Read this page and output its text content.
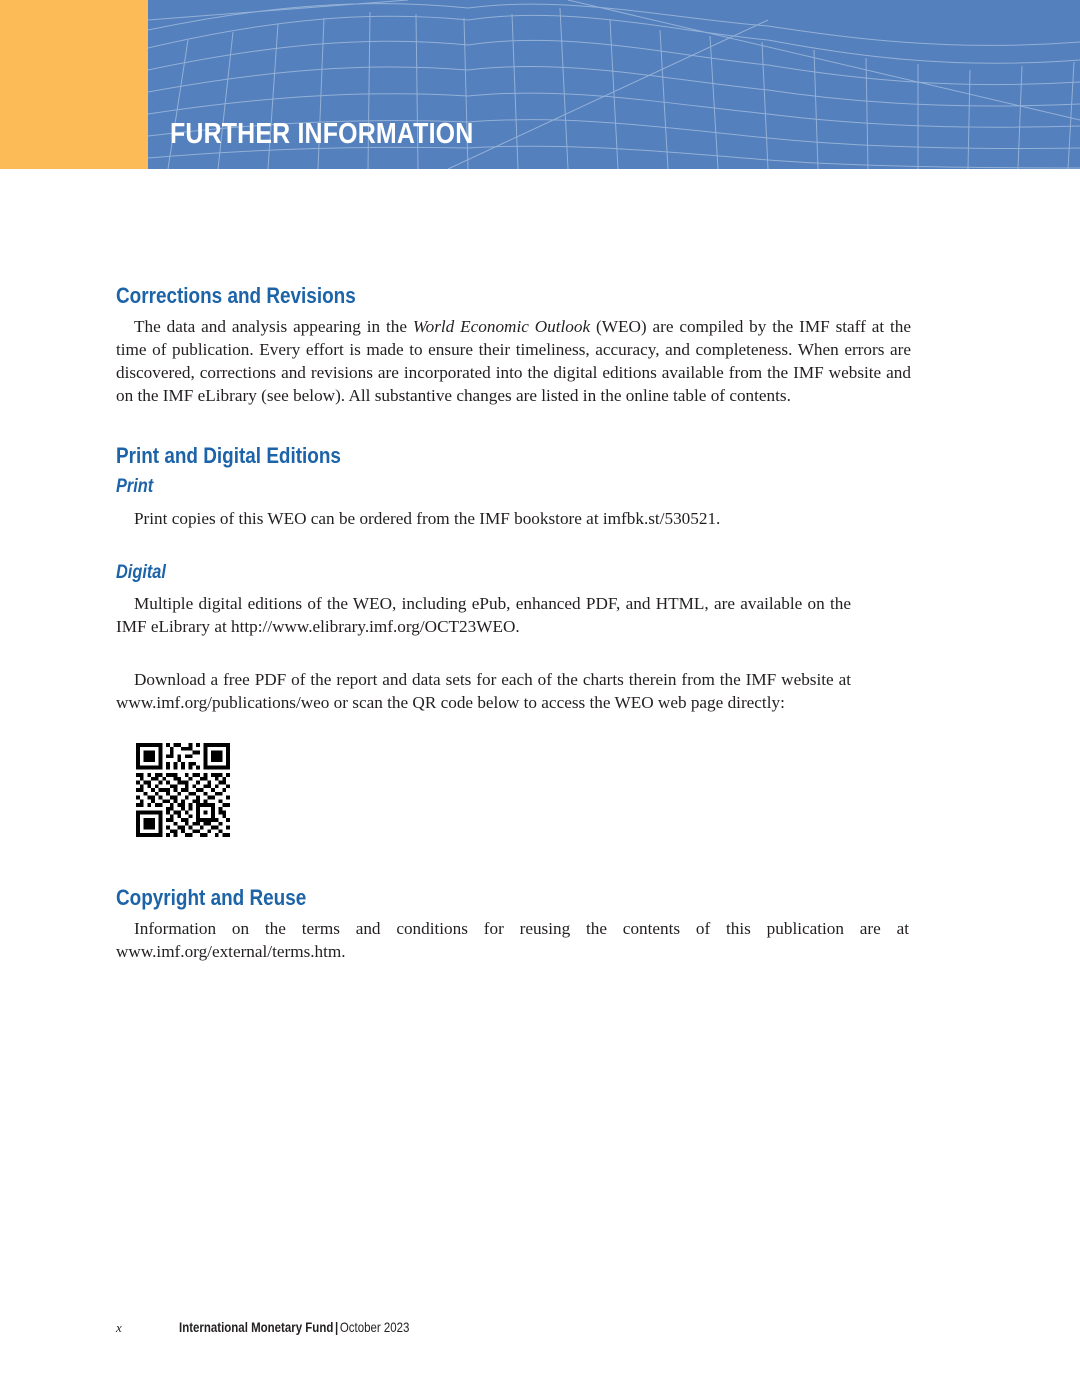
FURTHER INFORMATION
Corrections and Revisions

The data and analysis appearing in the World Economic Outlook (WEO) are compiled by the IMF staff at the time of publication. Every effort is made to ensure their timeliness, accuracy, and completeness. When errors are discovered, corrections and revisions are incorporated into the digital editions available from the IMF website and on the IMF eLibrary (see below). All substantive changes are listed in the online table of contents.

Print and Digital Editions
Print

Print copies of this WEO can be ordered from the IMF bookstore at imfbk.st/530521.

Digital

Multiple digital editions of the WEO, including ePub, enhanced PDF, and HTML, are available on the IMF eLibrary at http://www.elibrary.imf.org/OCT23WEO.

Download a free PDF of the report and data sets for each of the charts therein from the IMF website at www.imf.org/publications/weo or scan the QR code below to access the WEO web page directly:

Copyright and Reuse

Information on the terms and conditions for reusing the contents of this publication are at www.imf.org/external/terms.htm.

x	International Monetary Fund | October 2023
